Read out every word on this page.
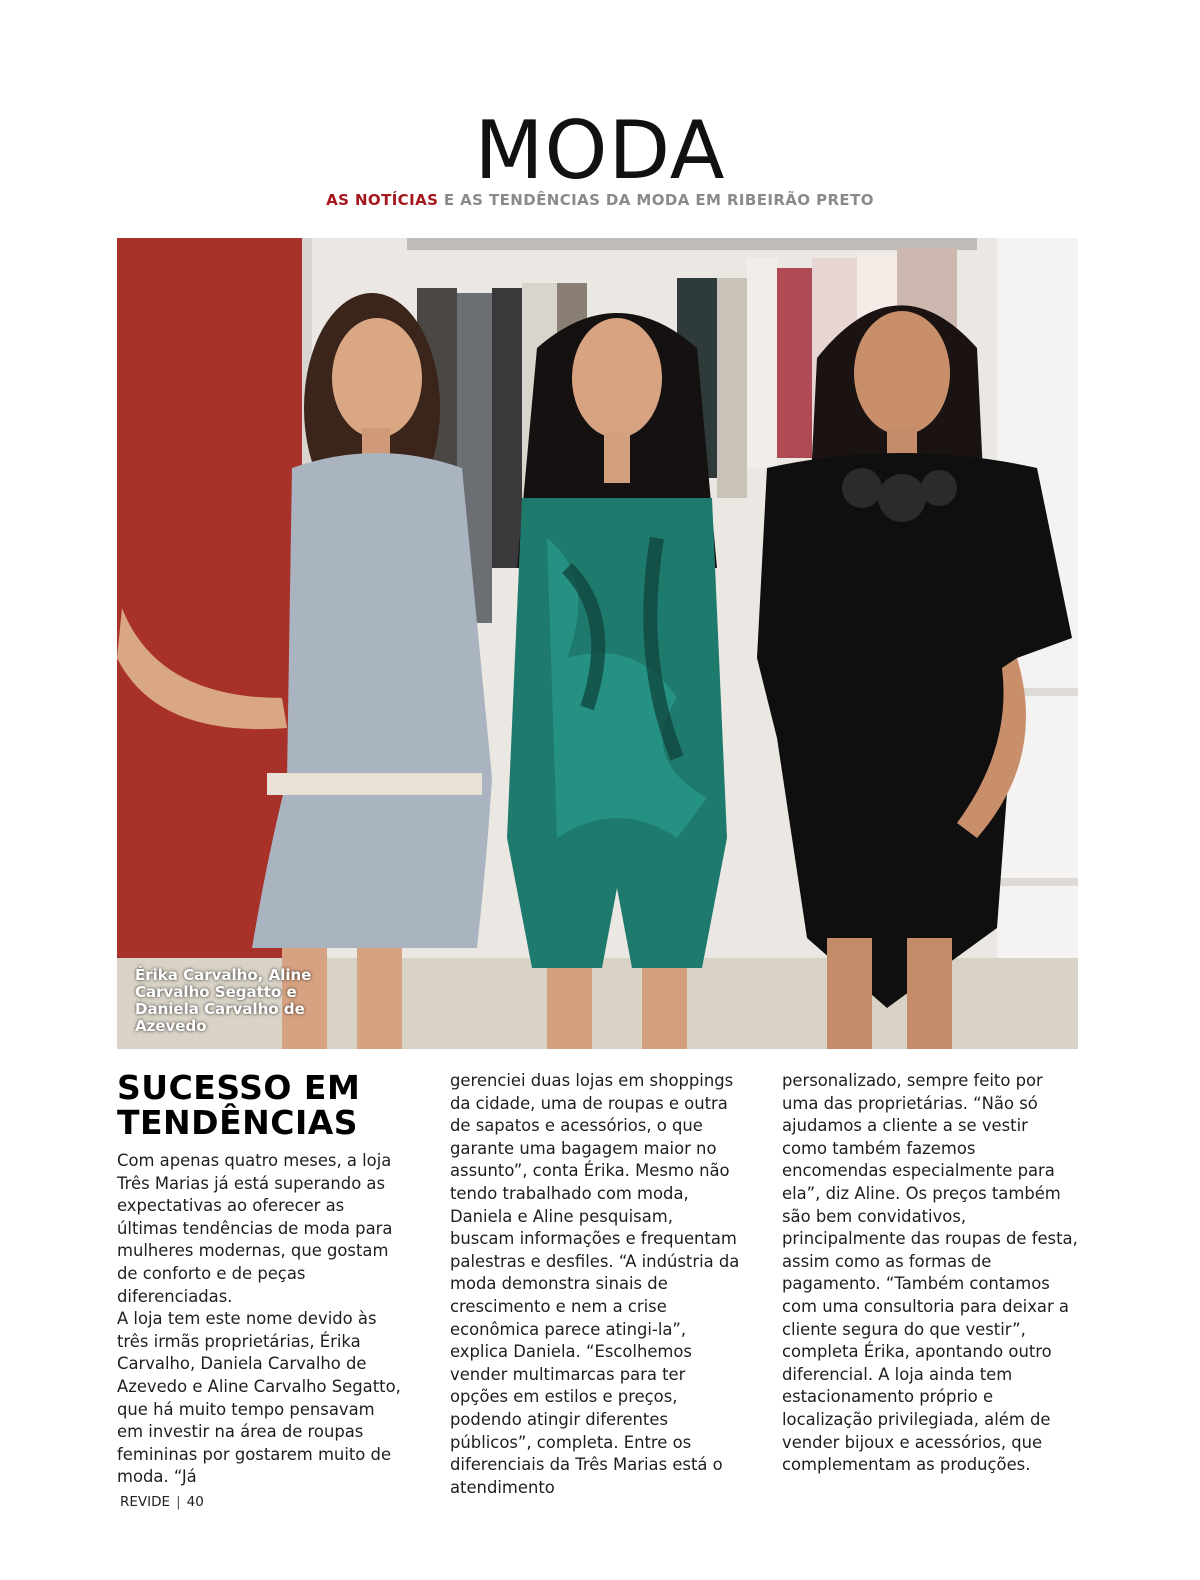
MODA
AS NOTÍCIAS E AS TENDÊNCIAS DA MODA EM RIBEIRÃO PRETO
Érika Carvalho, Aline Carvalho Segatto e Daniela Carvalho de Azevedo
SUCESSO EM TENDÊNCIAS

Com apenas quatro meses, a loja Três Marias já está superando as expectativas ao oferecer as últimas tendências de moda para mulheres modernas, que gostam de conforto e de peças diferenciadas.

A loja tem este nome devido às três irmãs proprietárias, Érika Carvalho, Daniela Carvalho de Azevedo e Aline Carvalho Segatto, que há muito tempo pensavam em investir na área de roupas femininas por gostarem muito de moda. “Já

gerenciei duas lojas em shoppings da cidade, uma de roupas e outra de sapatos e acessórios, o que garante uma bagagem maior no assunto”, conta Érika. Mesmo não tendo trabalhado com moda, Daniela e Aline pesquisam, buscam informações e frequentam palestras e desfiles. “A indústria da moda demonstra sinais de crescimento e nem a crise econômica parece atingi-la”, explica Daniela. “Escolhemos vender multimarcas para ter opções em estilos e preços, podendo atingir diferentes públicos”, completa. Entre os diferenciais da Três Marias está o atendimento

personalizado, sempre feito por uma das proprietárias. “Não só ajudamos a cliente a se vestir como também fazemos encomendas especialmente para ela”, diz Aline. Os preços também são bem convidativos, principalmente das roupas de festa, assim como as formas de pagamento. “Também contamos com uma consultoria para deixar a cliente segura do que vestir”, completa Érika, apontando outro diferencial. A loja ainda tem estacionamento próprio e localização privilegiada, além de vender bijoux e acessórios, que complementam as produções.

REVIDE | 40
